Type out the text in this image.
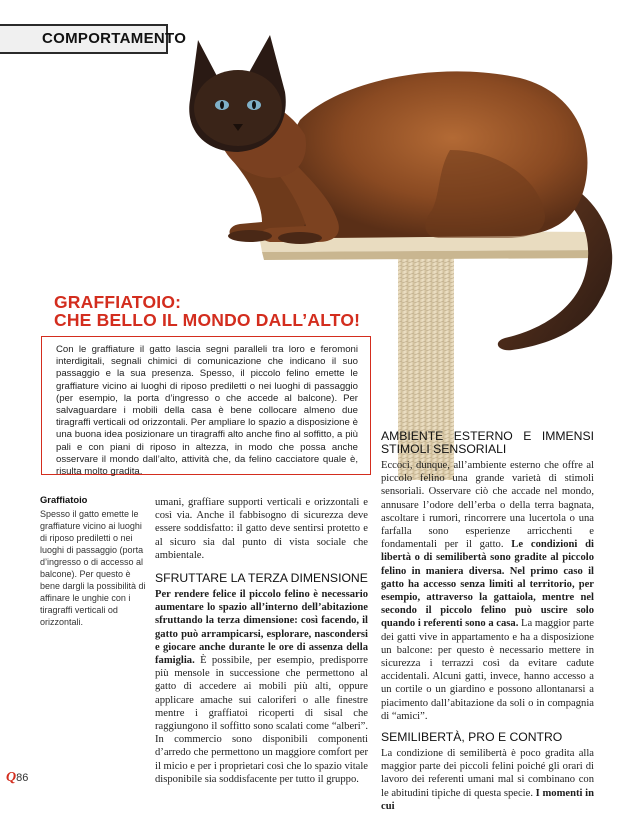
COMPORTAMENTO
GRAFFIATOIO:
CHE BELLO IL MONDO DALL’ALTO!

Con le graffiature il gatto lascia segni paralleli tra loro e feromoni interdigitali, segnali chimici di comunicazione che indicano il suo passaggio e la sua presenza. Spesso, il piccolo felino emette le graffiature vicino ai luoghi di riposo prediletti o nei luoghi di passaggio (per esempio, la porta d’ingresso o che accede al balcone). Per salvaguardare i mobili della casa è bene collocare almeno due tiragraffi verticali od orizzontali. Per ampliare lo spazio a disposizione è una buona idea posizionare un tiragraffi alto anche fino al soffitto, a più pali e con piani di riposo in altezza, in modo che possa anche osservare il mondo dall’alto, attività che, da felino cacciatore quale è, risulta molto gradita.

Graffiatoio

Spesso il gatto emette le graffiature vicino ai luoghi di riposo prediletti o nei luoghi di passaggio (porta d’ingresso o di accesso al balcone). Per questo è bene dargli la possibilità di affinare le unghie con i tiragraffi verticali od orizzontali.

umani, graffiare supporti verticali e orizzontali e così via. Anche il fabbisogno di sicurezza deve essere soddisfatto: il gatto deve sentirsi protetto e al sicuro sia dal punto di vista sociale che ambientale.

SFRUTTARE LA TERZA DIMENSIONE

Per rendere felice il piccolo felino è necessario aumentare lo spazio all’interno dell’abitazione sfruttando la terza dimensione: così facendo, il gatto può arrampicarsi, esplorare, nascondersi e giocare anche durante le ore di assenza della famiglia. È possibile, per esempio, predisporre più mensole in successione che permettono al gatto di accedere ai mobili più alti, oppure applicare amache sui caloriferi o alle finestre mentre i graffiatoi ricoperti di sisal che raggiungono il soffitto sono scalati come “alberi”. In commercio sono disponibili componenti d’arredo che permettono un maggiore comfort per il micio e per i proprietari così che lo spazio vitale disponibile sia soddisfacente per tutto il gruppo.

AMBIENTE ESTERNO E IMMENSI STIMOLI SENSORIALI

Eccoci, dunque, all’ambiente esterno che offre al piccolo felino una grande varietà di stimoli sensoriali. Osservare ciò che accade nel mondo, annusare l’odore dell’erba o della terra bagnata, ascoltare i rumori, rincorrere una lucertola o una farfalla sono esperienze arricchenti e fondamentali per il gatto. Le condizioni di libertà o di semilibertà sono gradite al piccolo felino in maniera diversa. Nel primo caso il gatto ha accesso senza limiti al territorio, per esempio, attraverso la gattaiola, mentre nel secondo il piccolo felino può uscire solo quando i referenti sono a casa. La maggior parte dei gatti vive in appartamento e ha a disposizione un balcone: per questo è necessario mettere in sicurezza i terrazzi così da evitare cadute accidentali. Alcuni gatti, invece, hanno accesso a un cortile o un giardino e possono allontanarsi a piacimento dall’abitazione da soli o in compagnia di “amici”.

SEMILIBERTÀ, PRO E CONTRO

La condizione di semilibertà è poco gradita alla maggior parte dei piccoli felini poiché gli orari di lavoro dei referenti umani mal si combinano con le abitudini tipiche di questa specie. I momenti in cui

Q86
